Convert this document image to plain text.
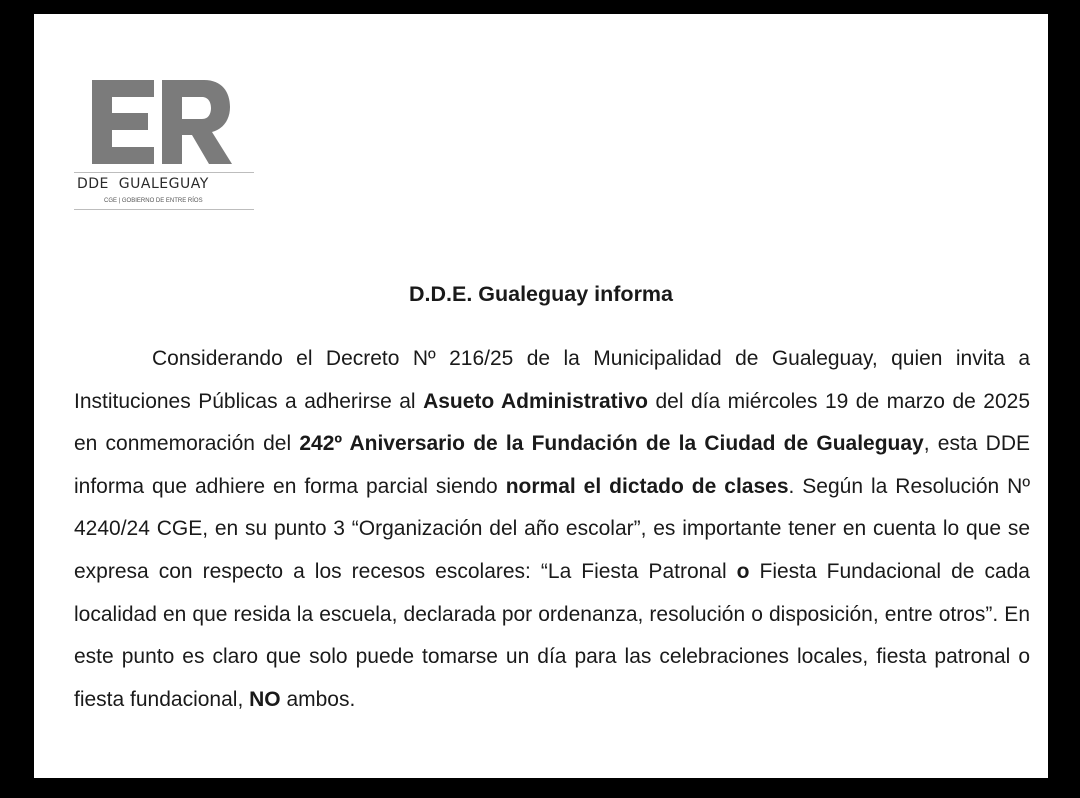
DDE  GUALEGUAY
CGE | GOBIERNO DE ENTRE RÍOS
D.D.E. Gualeguay informa

Considerando el Decreto Nº 216/25 de la Municipalidad de Gualeguay, quien invita a Instituciones Públicas a adherirse al Asueto Administrativo del día miércoles 19 de marzo de 2025 en conmemoración del 242º Aniversario de la Fundación de la Ciudad de Gualeguay, esta DDE informa que adhiere en forma parcial siendo normal el dictado de clases. Según la Resolución Nº 4240/24 CGE, en su punto 3 “Organización del año escolar”, es importante tener en cuenta lo que se expresa con respecto a los recesos escolares: “La Fiesta Patronal o Fiesta Fundacional de cada localidad en que resida la escuela, declarada por ordenanza, resolución o disposición, entre otros”. En este punto es claro que solo puede tomarse un día para las celebraciones locales, fiesta patronal o fiesta fundacional, NO ambos.
